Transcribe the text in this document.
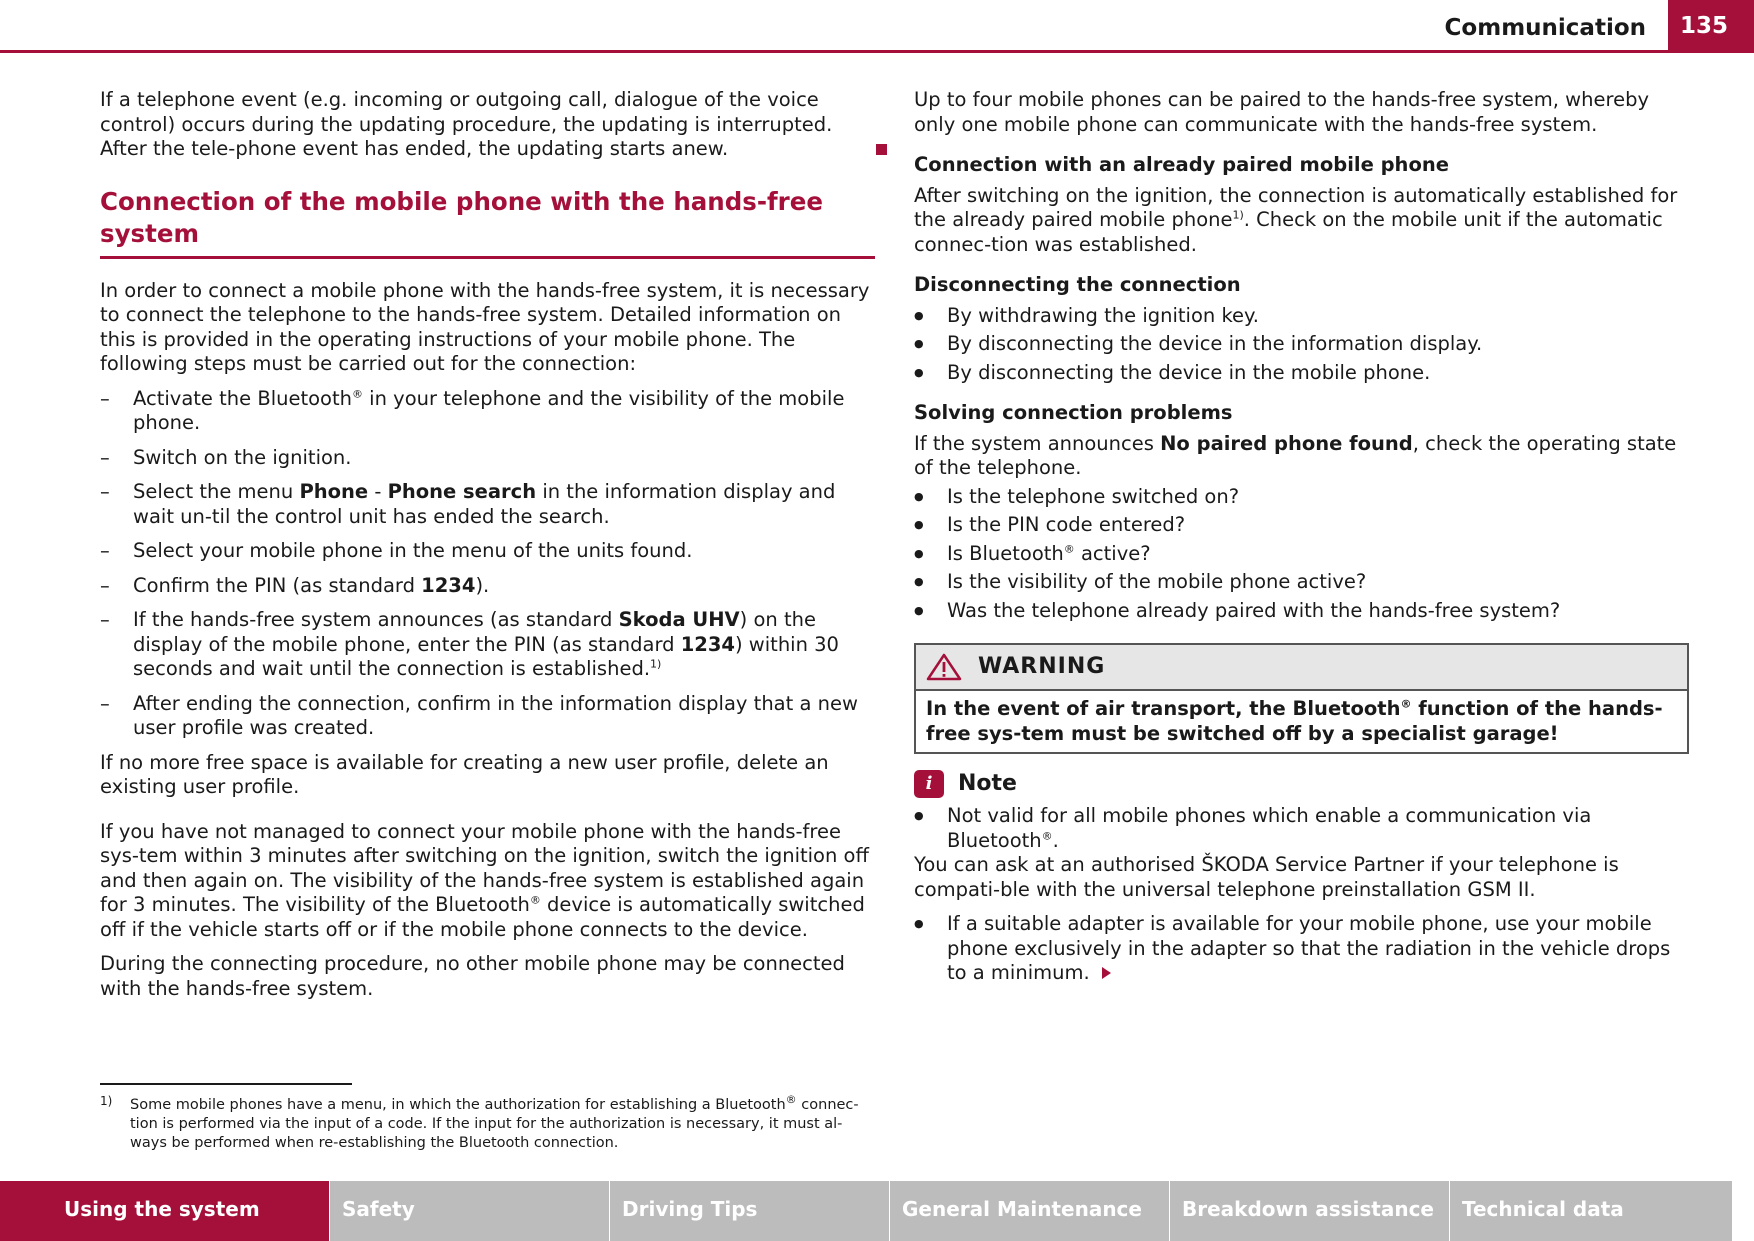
Communication	135

If a telephone event (e.g. incoming or outgoing call, dialogue of the voice control) occurs during the updating procedure, the updating is interrupted. After the tele-phone event has ended, the updating starts anew.

Connection of the mobile phone with the hands-free system

In order to connect a mobile phone with the hands-free system, it is necessary to connect the telephone to the hands-free system. Detailed information on this is provided in the operating instructions of your mobile phone. The following steps must be carried out for the connection:

– Activate the Bluetooth® in your telephone and the visibility of the mobile phone.
– Switch on the ignition.
– Select the menu Phone - Phone search in the information display and wait un-til the control unit has ended the search.
– Select your mobile phone in the menu of the units found.
– Confirm the PIN (as standard 1234).
– If the hands-free system announces (as standard Skoda UHV) on the display of the mobile phone, enter the PIN (as standard 1234) within 30 seconds and wait until the connection is established.$^{1)}$
– After ending the connection, confirm in the information display that a new user profile was created.

If no more free space is available for creating a new user profile, delete an existing user profile.

If you have not managed to connect your mobile phone with the hands-free sys-tem within 3 minutes after switching on the ignition, switch the ignition off and then again on. The visibility of the hands-free system is established again for 3 minutes. The visibility of the Bluetooth® device is automatically switched off if the vehicle starts off or if the mobile phone connects to the device.

During the connecting procedure, no other mobile phone may be connected with the hands-free system.

Up to four mobile phones can be paired to the hands-free system, whereby only one mobile phone can communicate with the hands-free system.

Connection with an already paired mobile phone

After switching on the ignition, the connection is automatically established for the already paired mobile phone$^{1)}$. Check on the mobile unit if the automatic connec-tion was established.

Disconnecting the connection
● By withdrawing the ignition key.
● By disconnecting the device in the information display.
● By disconnecting the device in the mobile phone.
Solving connection problems

If the system announces No paired phone found, check the operating state of the telephone.

● Is the telephone switched on?
● Is the PIN code entered?
● Is Bluetooth® active?
● Is the visibility of the mobile phone active?
● Was the telephone already paired with the hands-free system?
WARNING
In the event of air transport, the Bluetooth® function of the hands-free sys-tem must be switched off by a specialist garage!
i	Note
● Not valid for all mobile phones which enable a communication via Bluetooth®.
You can ask at an authorised ŠKODA Service Partner if your telephone is compati-ble with the universal telephone preinstallation GSM II.
● If a suitable adapter is available for your mobile phone, use your mobile phone exclusively in the adapter so that the radiation in the vehicle drops to a minimum.
1) Some mobile phones have a menu, in which the authorization for establishing a Bluetooth® connec-tion is performed via the input of a code. If the input for the authorization is necessary, it must al-ways be performed when re-establishing the Bluetooth connection.
Using the system	Safety	Driving Tips	General Maintenance	Breakdown assistance	Technical data
